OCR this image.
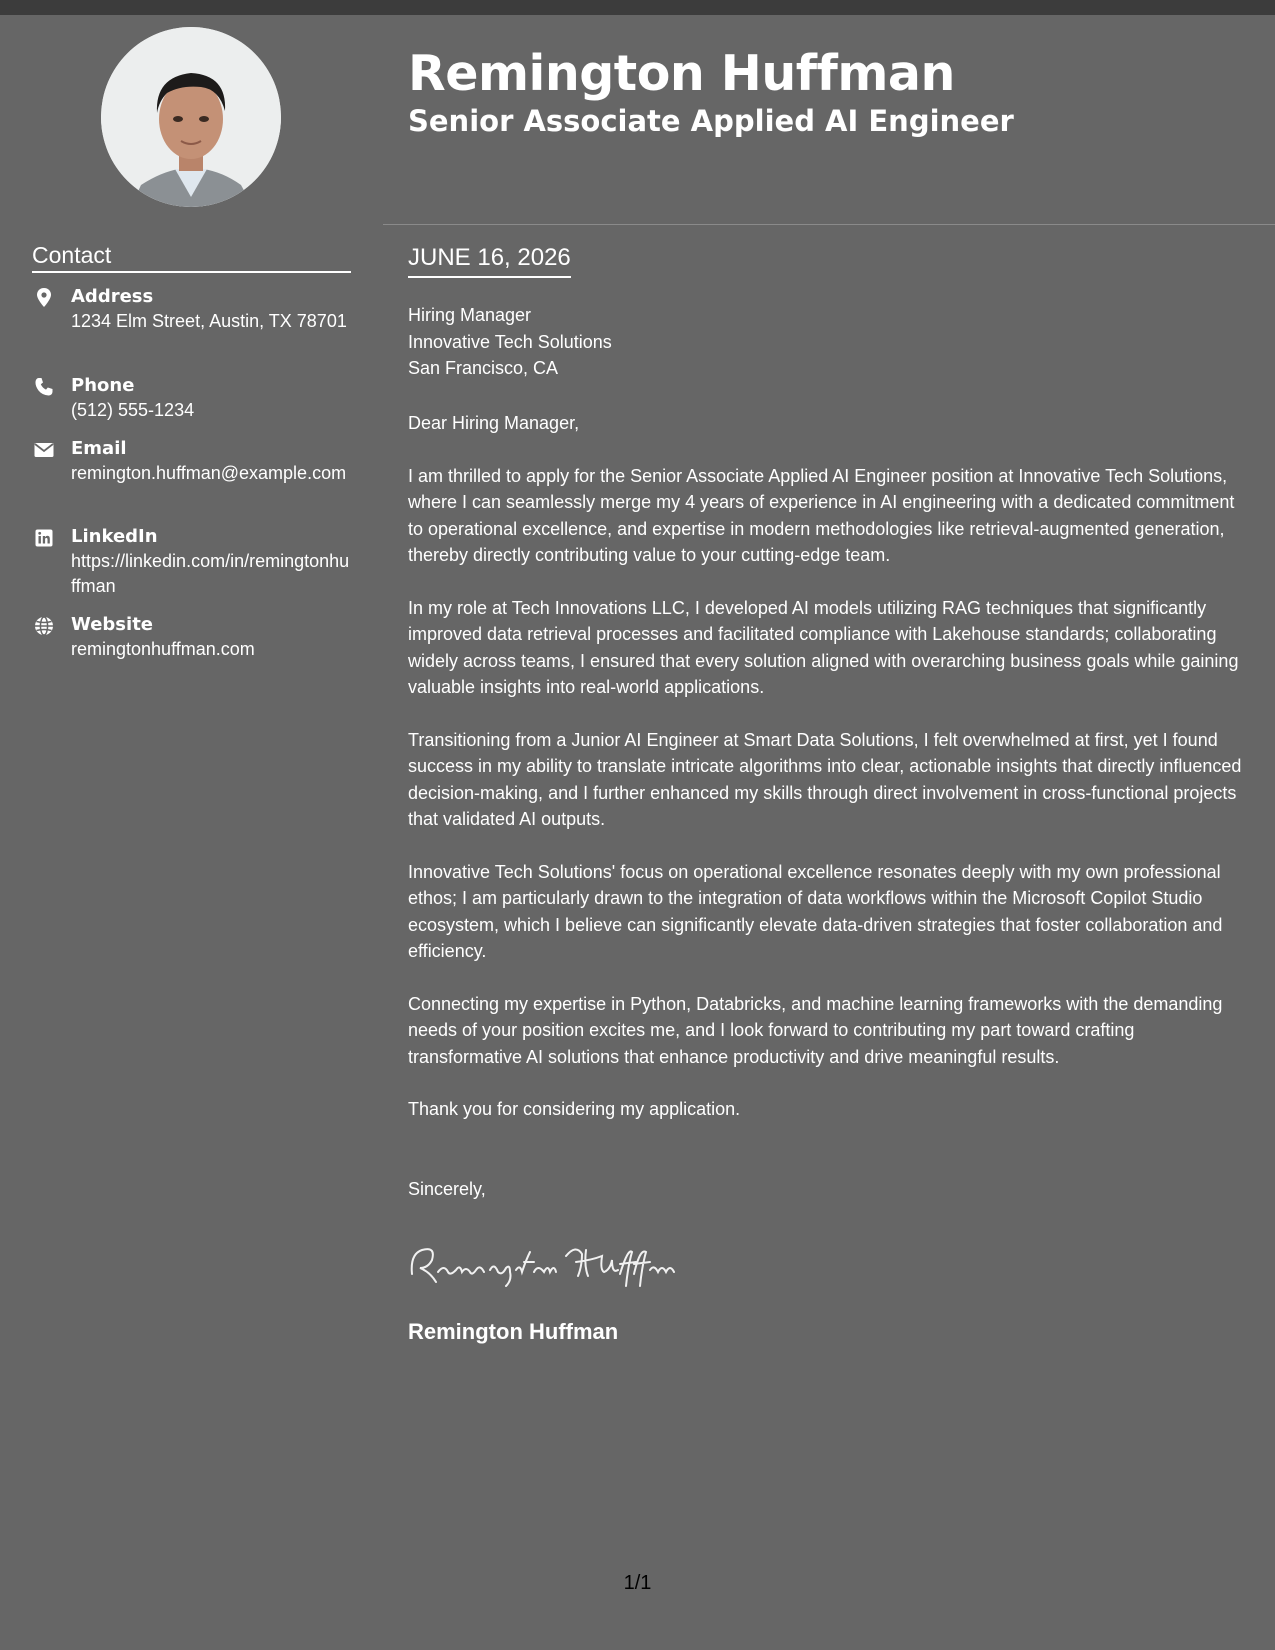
Remington Huffman
Senior Associate Applied AI Engineer
Contact
Address
1234 Elm Street, Austin, TX 78701
Phone
(512) 555-1234
Email
remington.huffman@example.com
LinkedIn
https://linkedin.com/in/remingtonhuffman
Website
remingtonhuffman.com
JUNE 16, 2026
Hiring Manager
Innovative Tech Solutions
San Francisco, CA

Dear Hiring Manager,

I am thrilled to apply for the Senior Associate Applied AI Engineer position at Innovative Tech Solutions, where I can seamlessly merge my 4 years of experience in AI engineering with a dedicated commitment to operational excellence, and expertise in modern methodologies like retrieval-augmented generation, thereby directly contributing value to your cutting-edge team.

In my role at Tech Innovations LLC, I developed AI models utilizing RAG techniques that significantly improved data retrieval processes and facilitated compliance with Lakehouse standards; collaborating widely across teams, I ensured that every solution aligned with overarching business goals while gaining valuable insights into real-world applications.

Transitioning from a Junior AI Engineer at Smart Data Solutions, I felt overwhelmed at first, yet I found success in my ability to translate intricate algorithms into clear, actionable insights that directly influenced decision-making, and I further enhanced my skills through direct involvement in cross-functional projects that validated AI outputs.

Innovative Tech Solutions' focus on operational excellence resonates deeply with my own professional ethos; I am particularly drawn to the integration of data workflows within the Microsoft Copilot Studio ecosystem, which I believe can significantly elevate data-driven strategies that foster collaboration and efficiency.

Connecting my expertise in Python, Databricks, and machine learning frameworks with the demanding needs of your position excites me, and I look forward to contributing my part toward crafting transformative AI solutions that enhance productivity and drive meaningful results.

Thank you for considering my application.

Sincerely,

Remington Huffman
1/1
